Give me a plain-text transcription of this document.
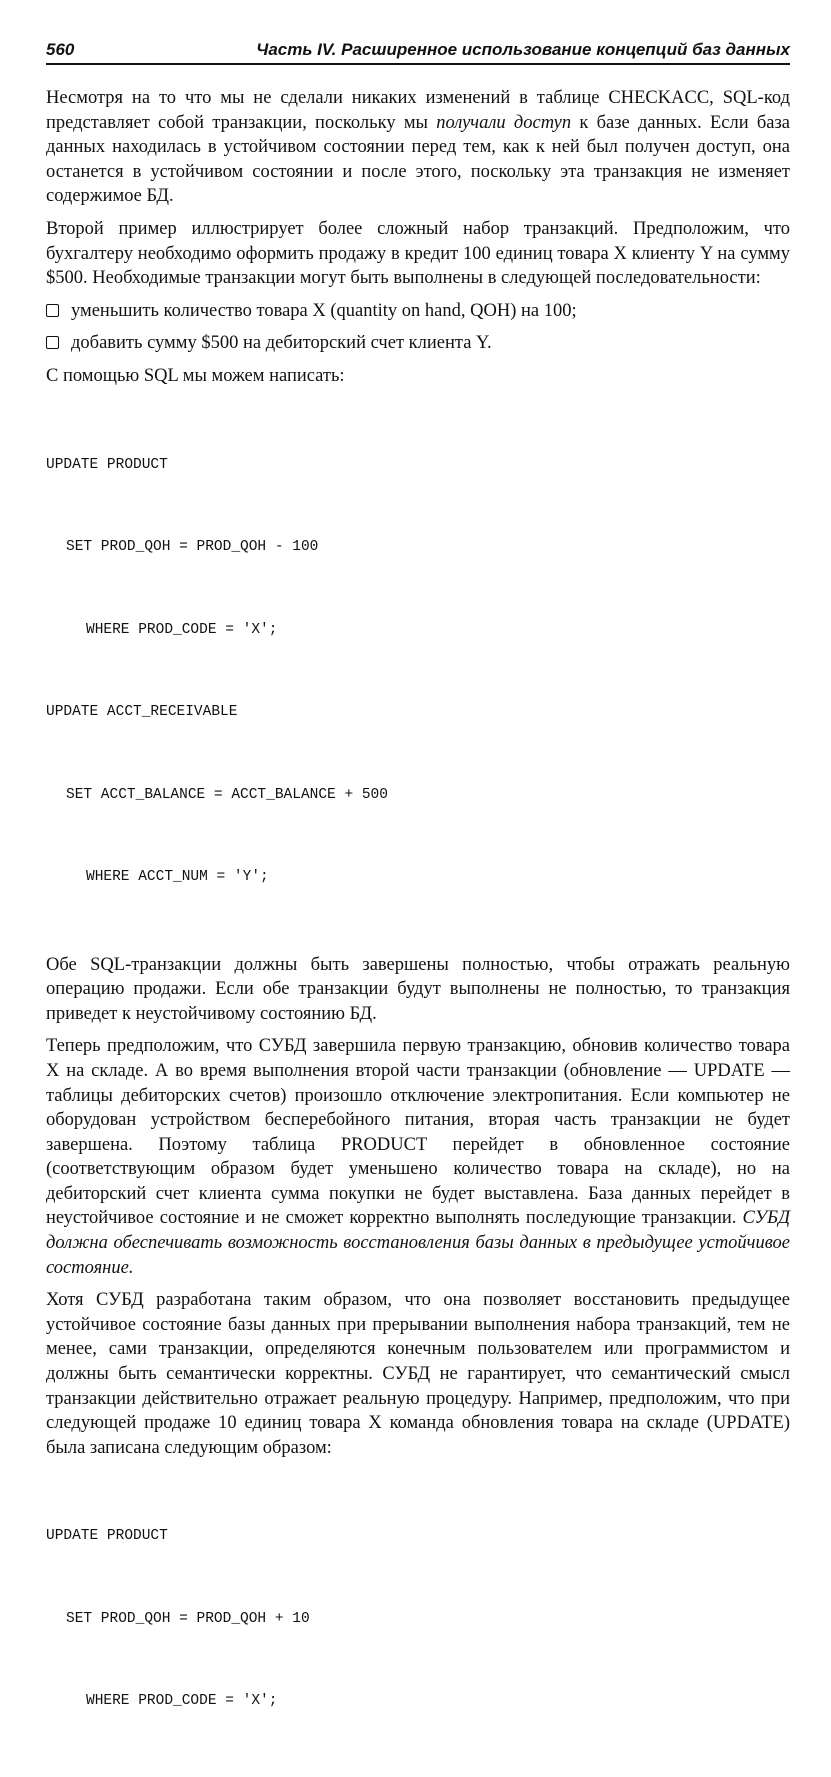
560	Часть IV. Расширенное использование концепций баз данных

Несмотря на то что мы не сделали никаких изменений в таблице CHECKACC, SQL-код представляет собой транзакции, поскольку мы получали доступ к базе данных. Если база данных находилась в устойчивом состоянии перед тем, как к ней был получен доступ, она останется в устойчивом состоянии и после этого, поскольку эта транзакция не изменяет содержимое БД.

Второй пример иллюстрирует более сложный набор транзакций. Предположим, что бухгалтеру необходимо оформить продажу в кредит 100 единиц товара X клиенту Y на сумму $500. Необходимые транзакции могут быть выполнены в следующей последовательности:

уменьшить количество товара X (quantity on hand, QOH) на 100;
добавить сумму $500 на дебиторский счет клиента Y.

С помощью SQL мы можем написать:

UPDATE PRODUCT

SET PROD_QOH = PROD_QOH - 100

WHERE PROD_CODE = 'X';

UPDATE ACCT_RECEIVABLE

SET ACCT_BALANCE = ACCT_BALANCE + 500

WHERE ACCT_NUM = 'Y';

Обе SQL-транзакции должны быть завершены полностью, чтобы отражать реальную операцию продажи. Если обе транзакции будут выполнены не полностью, то транзакция приведет к неустойчивому состоянию БД.

Теперь предположим, что СУБД завершила первую транзакцию, обновив количество товара X на складе. А во время выполнения второй части транзакции (обновление — UPDATE — таблицы дебиторских счетов) произошло отключение электропитания. Если компьютер не оборудован устройством бесперебойного питания, вторая часть транзакции не будет завершена. Поэтому таблица PRODUCT перейдет в обновленное состояние (соответствующим образом будет уменьшено количество товара на складе), но на дебиторский счет клиента сумма покупки не будет выставлена. База данных перейдет в неустойчивое состояние и не сможет корректно выполнять последующие транзакции. СУБД должна обеспечивать возможность восстановления базы данных в предыдущее устойчивое состояние.

Хотя СУБД разработана таким образом, что она позволяет восстановить предыдущее устойчивое состояние базы данных при прерывании выполнения набора транзакций, тем не менее, сами транзакции, определяются конечным пользователем или программистом и должны быть семантически корректны. СУБД не гарантирует, что семантический смысл транзакции действительно отражает реальную процедуру. Например, предположим, что при следующей продаже 10 единиц товара X команда обновления товара на складе (UPDATE) была записана следующим образом:

UPDATE PRODUCT

SET PROD_QOH = PROD_QOH + 10

WHERE PROD_CODE = 'X';
